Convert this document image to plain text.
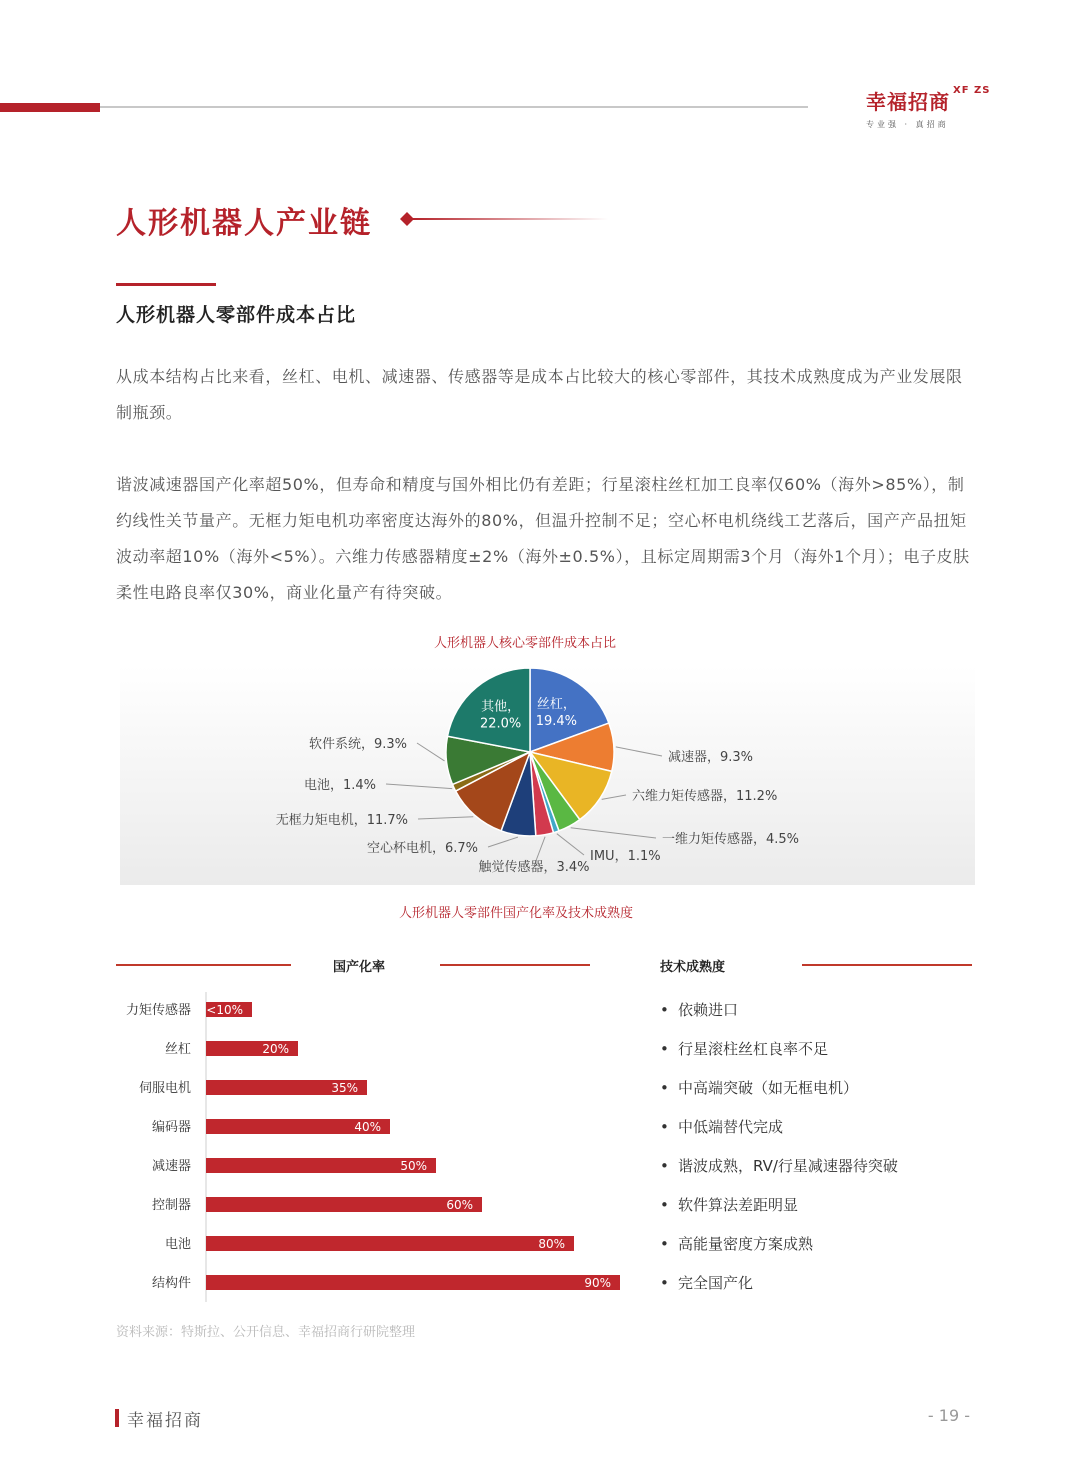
幸福招商 XF ZS
专业强 · 真招商
人形机器人产业链
人形机器人零部件成本占比
从成本结构占比来看，丝杠、电机、减速器、传感器等是成本占比较大的核心零部件，其技术成熟度成为产业发展限制瓶颈。
谐波减速器国产化率超50%，但寿命和精度与国外相比仍有差距；行星滚柱丝杠加工良率仅60%（海外>85%），制约线性关节量产。无框力矩电机功率密度达海外的80%，但温升控制不足；空心杯电机绕线工艺落后，国产产品扭矩波动率超10%（海外<5%）。六维力传感器精度±2%（海外±0.5%），且标定周期需3个月（海外1个月）；电子皮肤柔性电路良率仅30%，商业化量产有待突破。
人形机器人核心零部件成本占比
丝杠， 19.4%
减速器，9.3%
六维力矩传感器，11.2%
一维力矩传感器，4.5%
IMU，1.1%
触觉传感器，3.4%
空心杯电机，6.7%
无框力矩电机，11.7%
电池，1.4%
软件系统，9.3%
其他， 22.0%
人形机器人零部件国产化率及技术成熟度
国产化率	技术成熟度
力矩传感器 <10%
丝杠	20%
伺服电机	35%
编码器	40%
减速器	50%
控制器	60%
电池	80%
结构件	90%
• 依赖进口
• 行星滚柱丝杠良率不足
• 中高端突破（如无框电机）
• 中低端替代完成
• 谐波成熟，RV/行星减速器待突破
• 软件算法差距明显
• 高能量密度方案成熟
• 完全国产化
资料来源：特斯拉、公开信息、幸福招商行研院整理
幸福招商	- 19 -
